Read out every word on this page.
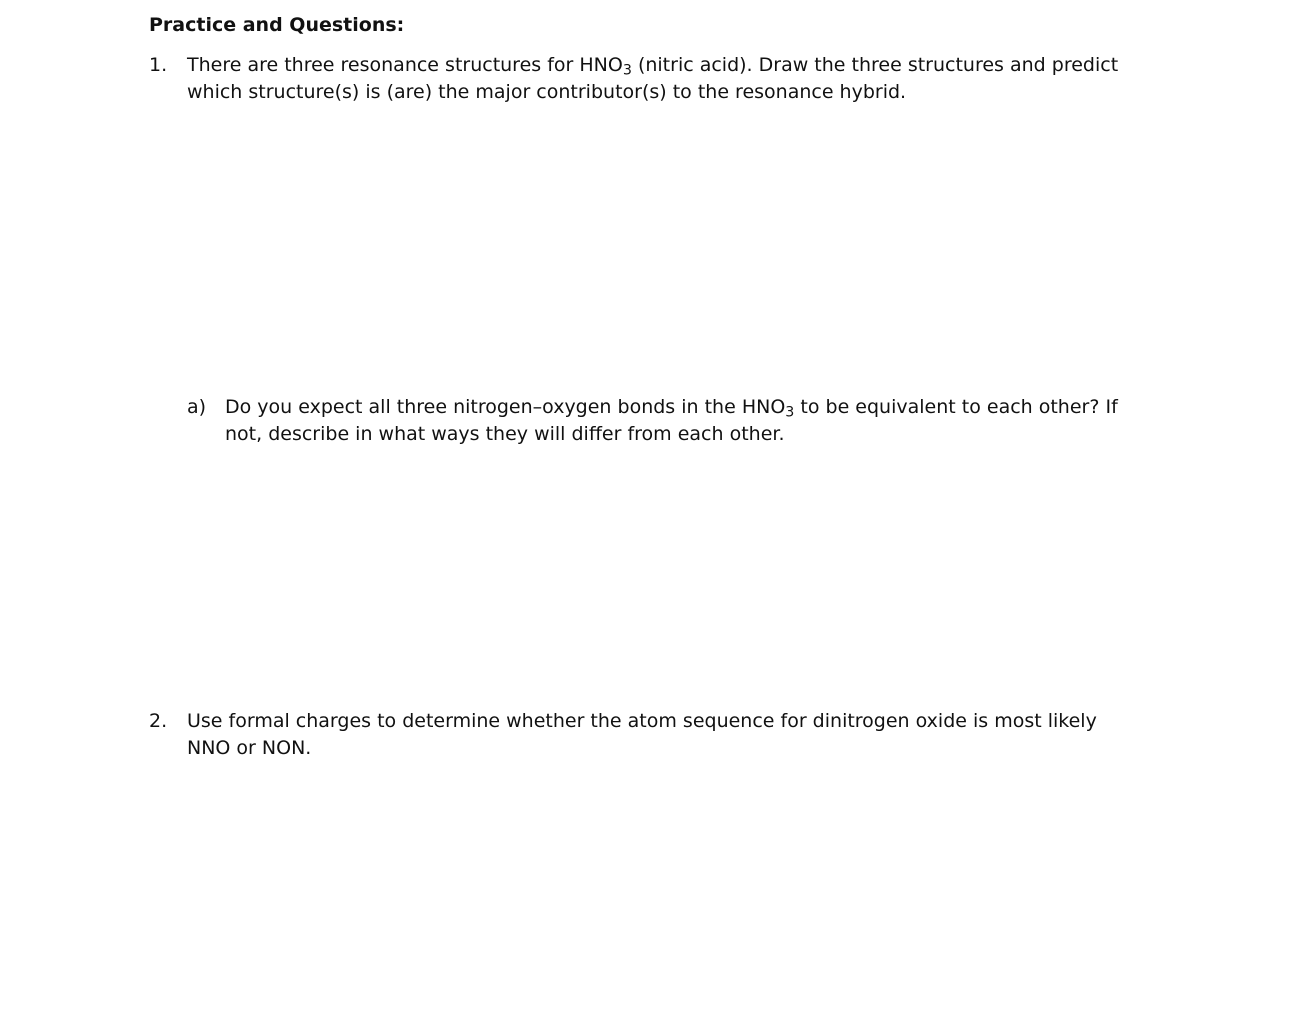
Practice and Questions:
1. There are three resonance structures for $HNO_3$ (nitric acid). Draw the three structures and predict
which structure(s) is (are) the major contributor(s) to the resonance hybrid.
a) Do you expect all three nitrogen–oxygen bonds in the $HNO_3$ to be equivalent to each other? If
not, describe in what ways they will differ from each other.
2. Use formal charges to determine whether the atom sequence for dinitrogen oxide is most likely
NNO or NON.
